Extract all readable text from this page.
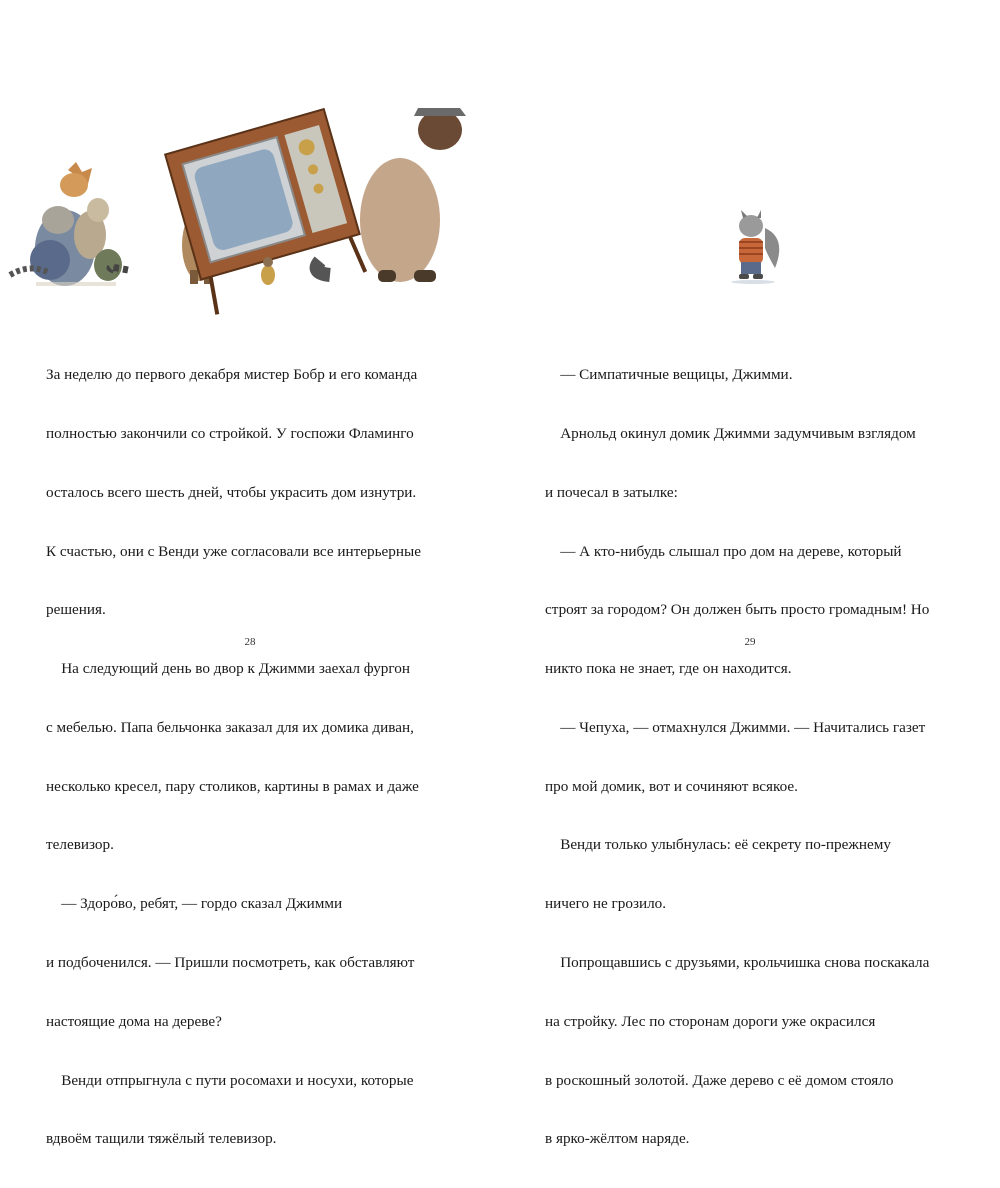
За неделю до первого декабря мистер Бобр и его команда

полностью закончили со стройкой. У госпожи Фламинго

осталось всего шесть дней, чтобы украсить дом изнутри.

К счастью, они с Венди уже согласовали все интерьерные

решения.

На следующий день во двор к Джимми заехал фургон

с мебелью. Папа бельчонка заказал для их домика диван,

несколько кресел, пару столиков, картины в рамах и даже

телевизор.

— Здоро́во, ребят, — гордо сказал Джимми

и подбоченился. — Пришли посмотреть, как обставляют

настоящие дома на дереве?

Венди отпрыгнула с пути росомахи и носухи, которые

вдвоём тащили тяжёлый телевизор.

28

— Симпатичные вещицы, Джимми.

Арнольд окинул домик Джимми задумчивым взглядом

и почесал в затылке:

— А кто-нибудь слышал про дом на дереве, который

строят за городом? Он должен быть просто громадным! Но

никто пока не знает, где он находится.

— Чепуха, — отмахнулся Джимми. — Начитались газет

про мой домик, вот и сочиняют всякое.

Венди только улыбнулась: её секрету по-прежнему

ничего не грозило.

Попрощавшись с друзьями, крольчишка снова поскакала

на стройку. Лес по сторонам дороги уже окрасился

в роскошный золотой. Даже дерево с её домом стояло

в ярко-жёлтом наряде.

29
